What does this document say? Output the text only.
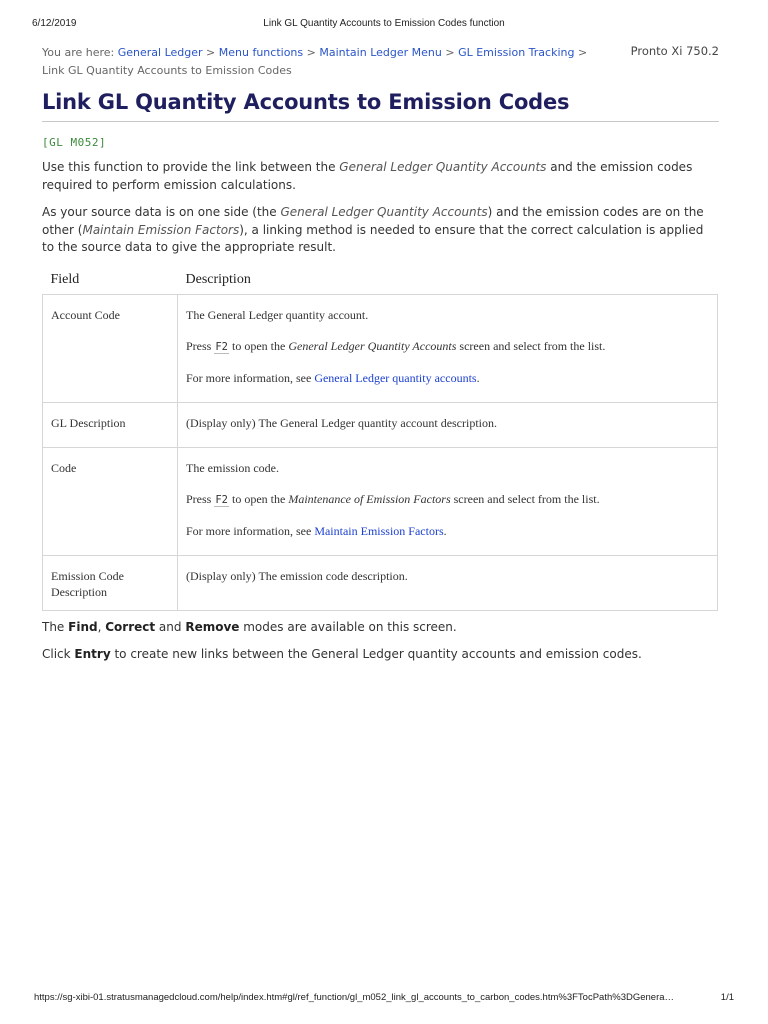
6/12/2019	Link GL Quantity Accounts to Emission Codes function
You are here: General Ledger > Menu functions > Maintain Ledger Menu > GL Emission Tracking > Link GL Quantity Accounts to Emission Codes
Pronto Xi 750.2
Link GL Quantity Accounts to Emission Codes
[GL M052]

Use this function to provide the link between the General Ledger Quantity Accounts and the emission codes required to perform emission calculations.

As your source data is on one side (the General Ledger Quantity Accounts) and the emission codes are on the other (Maintain Emission Factors), a linking method is needed to ensure that the correct calculation is applied to the source data to give the appropriate result.

Field	Description
Account Code	The General Ledger quantity account.
Press F2 to open the General Ledger Quantity Accounts screen and select from the list.
For more information, see General Ledger quantity accounts.

GL Description	(Display only) The General Ledger quantity account description.

Code	The emission code.
Press F2 to open the Maintenance of Emission Factors screen and select from the list.
For more information, see Maintain Emission Factors.

Emission Code Description	(Display only) The emission code description.

The Find, Correct and Remove modes are available on this screen.

Click Entry to create new links between the General Ledger quantity accounts and emission codes.

https://sg-xibi-01.stratusmanagedcloud.com/help/index.htm#gl/ref_function/gl_m052_link_gl_accounts_to_carbon_codes.htm%3FTocPath%3DGenera…	1/1
